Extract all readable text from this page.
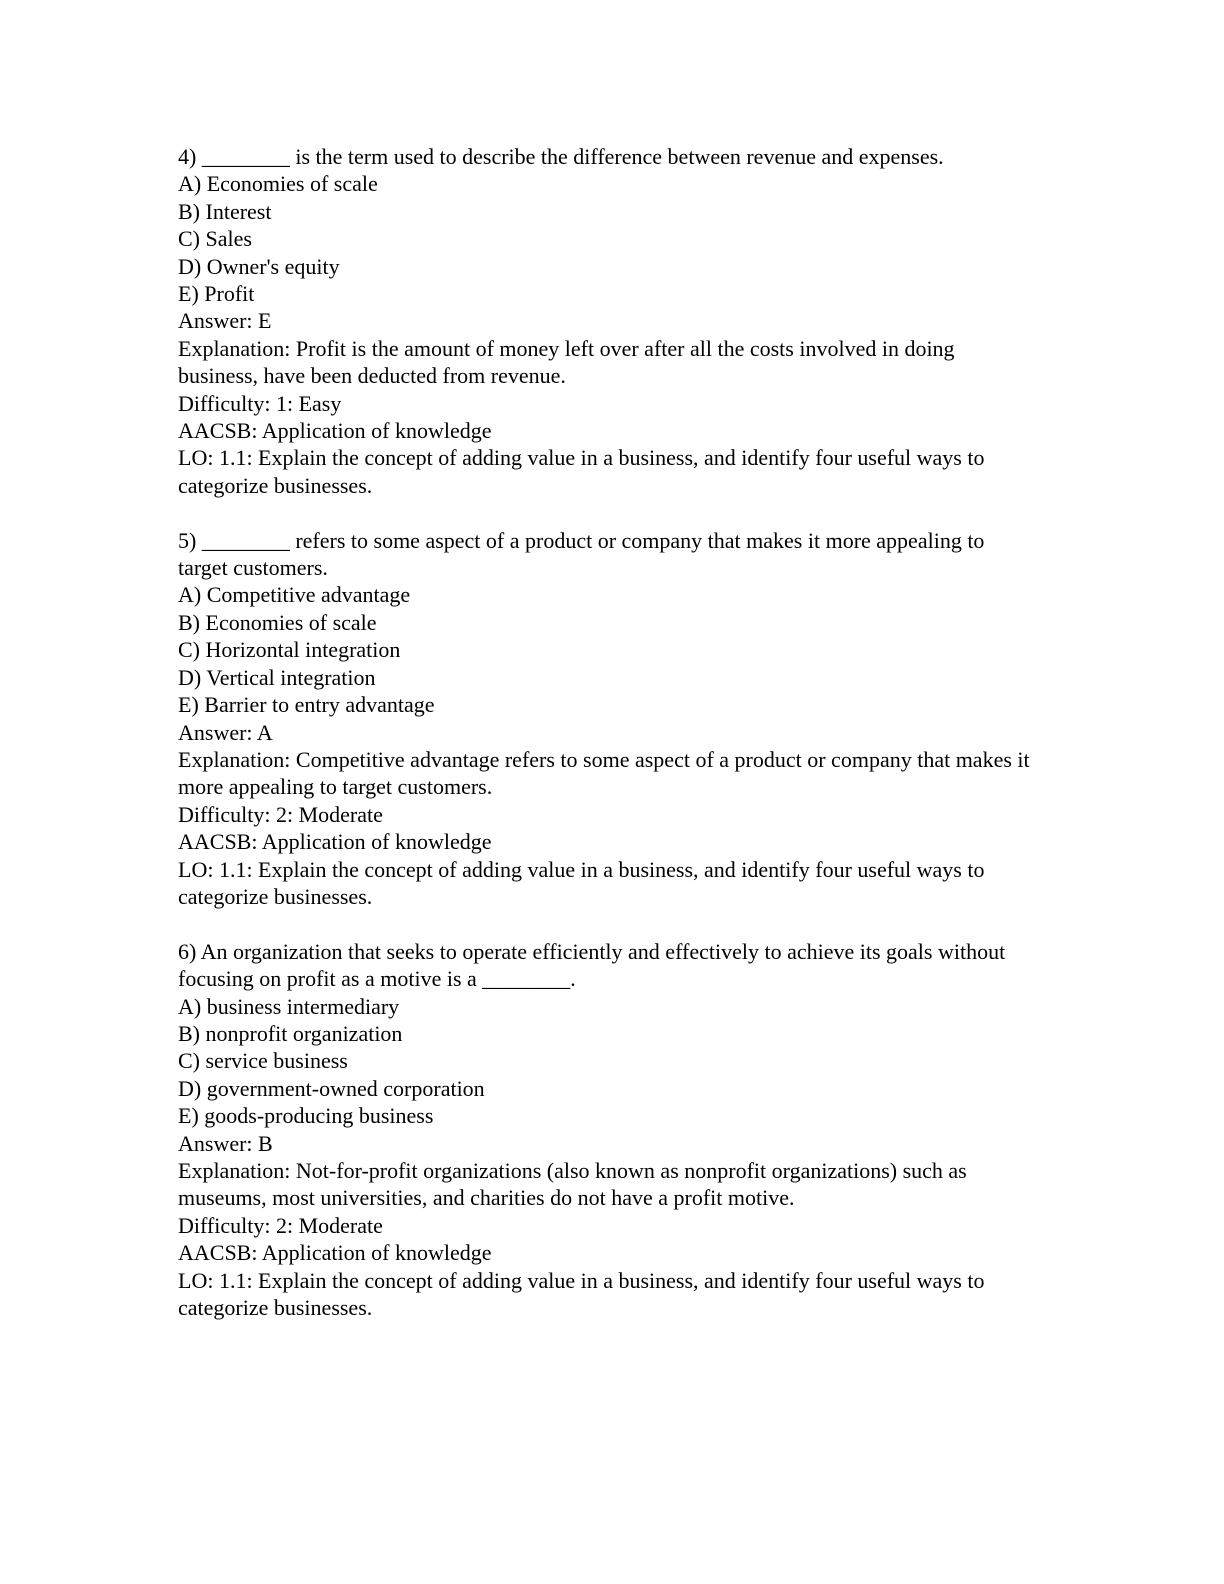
4) ________ is the term used to describe the difference between revenue and expenses.
A) Economies of scale
B) Interest
C) Sales
D) Owner's equity
E) Profit
Answer: E
Explanation: Profit is the amount of money left over after all the costs involved in doing business, have been deducted from revenue.
Difficulty: 1: Easy
AACSB: Application of knowledge
LO: 1.1: Explain the concept of adding value in a business, and identify four useful ways to categorize businesses.
5) ________ refers to some aspect of a product or company that makes it more appealing to target customers.
A) Competitive advantage
B) Economies of scale
C) Horizontal integration
D) Vertical integration
E) Barrier to entry advantage
Answer: A
Explanation: Competitive advantage refers to some aspect of a product or company that makes it more appealing to target customers.
Difficulty: 2: Moderate
AACSB: Application of knowledge
LO: 1.1: Explain the concept of adding value in a business, and identify four useful ways to categorize businesses.
6) An organization that seeks to operate efficiently and effectively to achieve its goals without focusing on profit as a motive is a ________.
A) business intermediary
B) nonprofit organization
C) service business
D) government-owned corporation
E) goods-producing business
Answer: B
Explanation: Not-for-profit organizations (also known as nonprofit organizations) such as museums, most universities, and charities do not have a profit motive.
Difficulty: 2: Moderate
AACSB: Application of knowledge
LO: 1.1: Explain the concept of adding value in a business, and identify four useful ways to categorize businesses.
